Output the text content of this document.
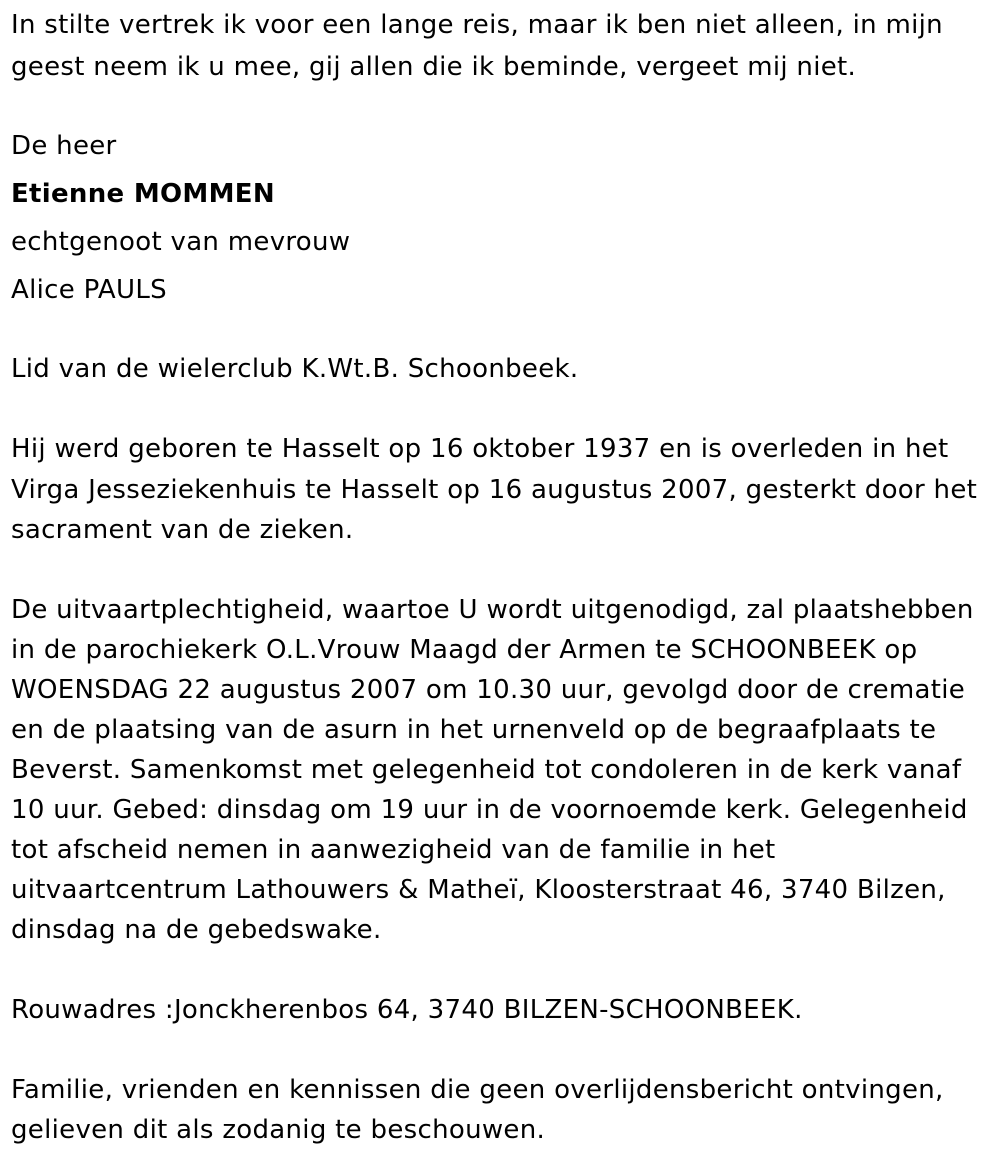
In stilte vertrek ik voor een lange reis, maar ik ben niet alleen, in mijn
geest neem ik u mee, gij allen die ik beminde, vergeet mij niet.
De heer
Etienne MOMMEN
echtgenoot van mevrouw
Alice PAULS
Lid van de wielerclub K.Wt.B. Schoonbeek.
Hij werd geboren te Hasselt op 16 oktober 1937 en is overleden in het
Virga Jesseziekenhuis te Hasselt op 16 augustus 2007, gesterkt door het
sacrament van de zieken.
De uitvaartplechtigheid, waartoe U wordt uitgenodigd, zal plaatshebben
in de parochiekerk O.L.Vrouw Maagd der Armen te SCHOONBEEK op
WOENSDAG 22 augustus 2007 om 10.30 uur, gevolgd door de crematie
en de plaatsing van de asurn in het urnenveld op de begraafplaats te
Beverst. Samenkomst met gelegenheid tot condoleren in de kerk vanaf
10 uur. Gebed: dinsdag om 19 uur in de voornoemde kerk. Gelegenheid
tot afscheid nemen in aanwezigheid van de familie in het
uitvaartcentrum Lathouwers & Matheï, Kloosterstraat 46, 3740 Bilzen,
dinsdag na de gebedswake.
Rouwadres :Jonckherenbos 64, 3740 BILZEN-SCHOONBEEK.
Familie, vrienden en kennissen die geen overlijdensbericht ontvingen,
gelieven dit als zodanig te beschouwen.
